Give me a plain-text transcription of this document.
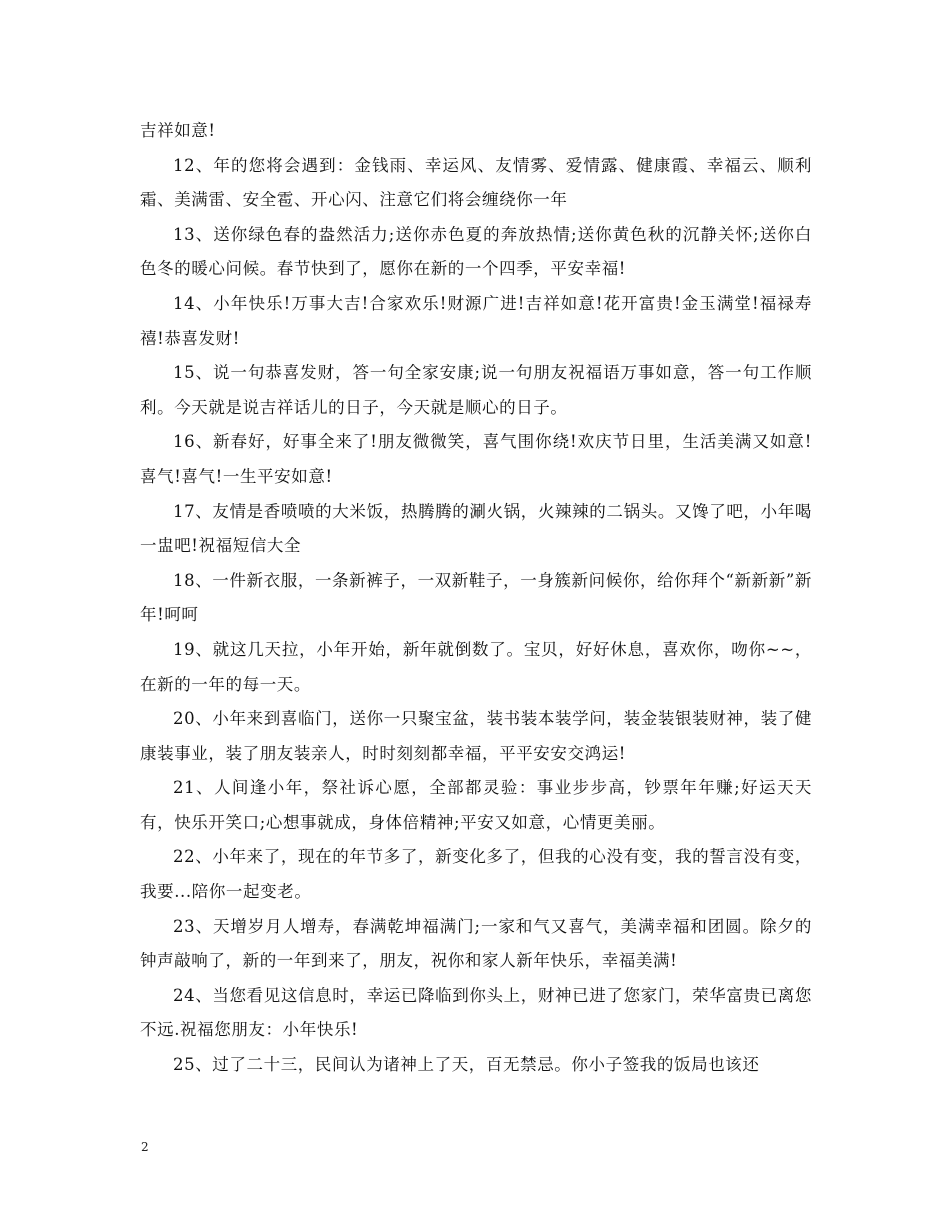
吉祥如意!

12、年的您将会遇到：金钱雨、幸运风、友情雾、爱情露、健康霞、幸福云、顺利霜、美满雷、安全雹、开心闪、注意它们将会缠绕你一年

13、送你绿色春的盎然活力;送你赤色夏的奔放热情;送你黄色秋的沉静关怀;送你白色冬的暖心问候。春节快到了，愿你在新的一个四季，平安幸福!

14、小年快乐!万事大吉!合家欢乐!财源广进!吉祥如意!花开富贵!金玉满堂!福禄寿禧!恭喜发财!

15、说一句恭喜发财，答一句全家安康;说一句朋友祝福语万事如意，答一句工作顺利。今天就是说吉祥话儿的日子，今天就是顺心的日子。

16、新春好，好事全来了!朋友微微笑，喜气围你绕!欢庆节日里，生活美满又如意!喜气!喜气!一生平安如意!

17、友情是香喷喷的大米饭，热腾腾的涮火锅，火辣辣的二锅头。又馋了吧，小年喝一盅吧!祝福短信大全

18、一件新衣服，一条新裤子，一双新鞋子，一身簇新问候你，给你拜个“新新新”新年!呵呵

19、就这几天拉，小年开始，新年就倒数了。宝贝，好好休息，喜欢你，吻你~~，在新的一年的每一天。

20、小年来到喜临门，送你一只聚宝盆，装书装本装学问，装金装银装财神，装了健康装事业，装了朋友装亲人，时时刻刻都幸福，平平安安交鸿运!

21、人间逢小年，祭社诉心愿，全部都灵验：事业步步高，钞票年年赚;好运天天有，快乐开笑口;心想事就成，身体倍精神;平安又如意，心情更美丽。

22、小年来了，现在的年节多了，新变化多了，但我的心没有变，我的誓言没有变，我要...陪你一起变老。

23、天增岁月人增寿，春满乾坤福满门;一家和气又喜气，美满幸福和团圆。除夕的钟声敲响了，新的一年到来了，朋友，祝你和家人新年快乐，幸福美满!

24、当您看见这信息时，幸运已降临到你头上，财神已进了您家门，荣华富贵已离您不远.祝福您朋友：小年快乐!

25、过了二十三，民间认为诸神上了天，百无禁忌。你小子签我的饭局也该还

2
